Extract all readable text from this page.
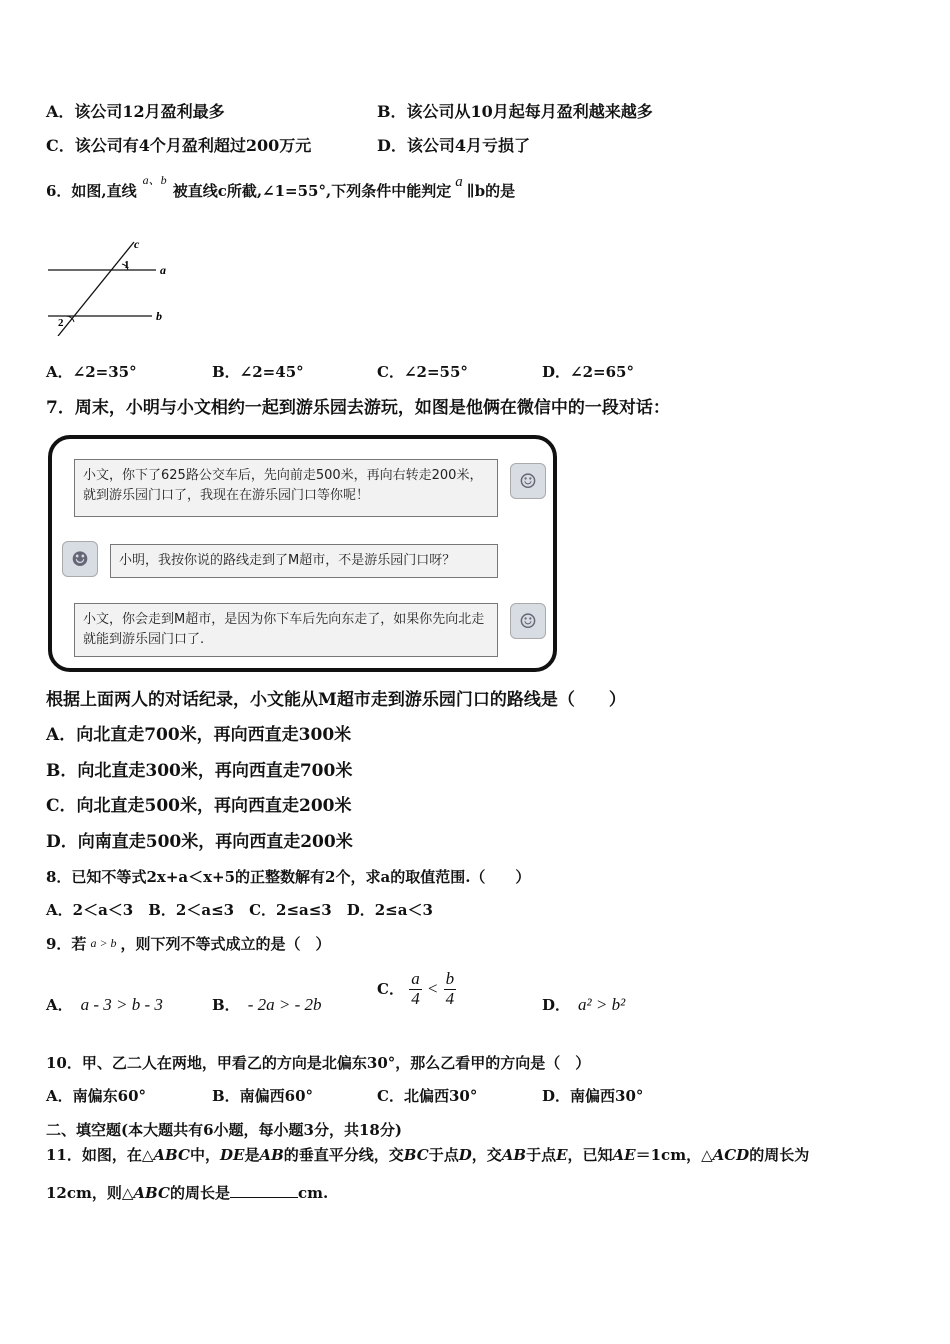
A．该公司12月盈利最多	B．该公司从10月起每月盈利越来越多
C．该公司有4个月盈利超过200万元	D．该公司4月亏损了
6．如图,直线$^{a、b}$被直线c所截,∠1=55°,下列条件中能判定 a ∥b的是
c
1	a
2	b
A．∠2=35°	B．∠2=45°	C．∠2=55°	D．∠2=65°
7．周末，小明与小文相约一起到游乐园去游玩，如图是他俩在微信中的一段对话：
小文，你下了625路公交车后，先向前走500米，再向右转走200米，就到游乐园门口了，我现在在游乐园门口等你呢！
☺
☻	小明，我按你说的路线走到了M超市，不是游乐园门口呀？
小文，你会走到M超市，是因为你下车后先向东走了，如果你先向北走就能到游乐园门口了.
☺
根据上面两人的对话纪录，小文能从M超市走到游乐园门口的路线是（　　）
A．向北直走700米，再向西直走300米
B．向北直走300米，再向西直走700米
C．向北直走500米，再向西直走200米
D．向南直走500米，再向西直走200米
8．已知不等式2x+a＜x+5的正整数解有2个，求a的取值范围.（　　）
A．2＜a＜3　B．2＜a≤3　C．2≤a≤3　D．2≤a＜3
9．若 a > b ，则下列不等式成立的是（　）
A． a - 3 > b - 3	B． - 2a > - 2b
C． $\frac{a}{4} < \frac{b}{4}$	D． a² > b²
10．甲、乙二人在两地，甲看乙的方向是北偏东30°，那么乙看甲的方向是（　）
A．南偏东60°	B．南偏西60°	C．北偏西30°	D．南偏西30°
二、填空题(本大题共有6小题，每小题3分，共18分)
11．如图，在△ABC中，DE是AB的垂直平分线，交BC于点D，交AB于点E，已知AE＝1cm，△ACD的周长为
12cm，则△ABC的周长是	cm.
